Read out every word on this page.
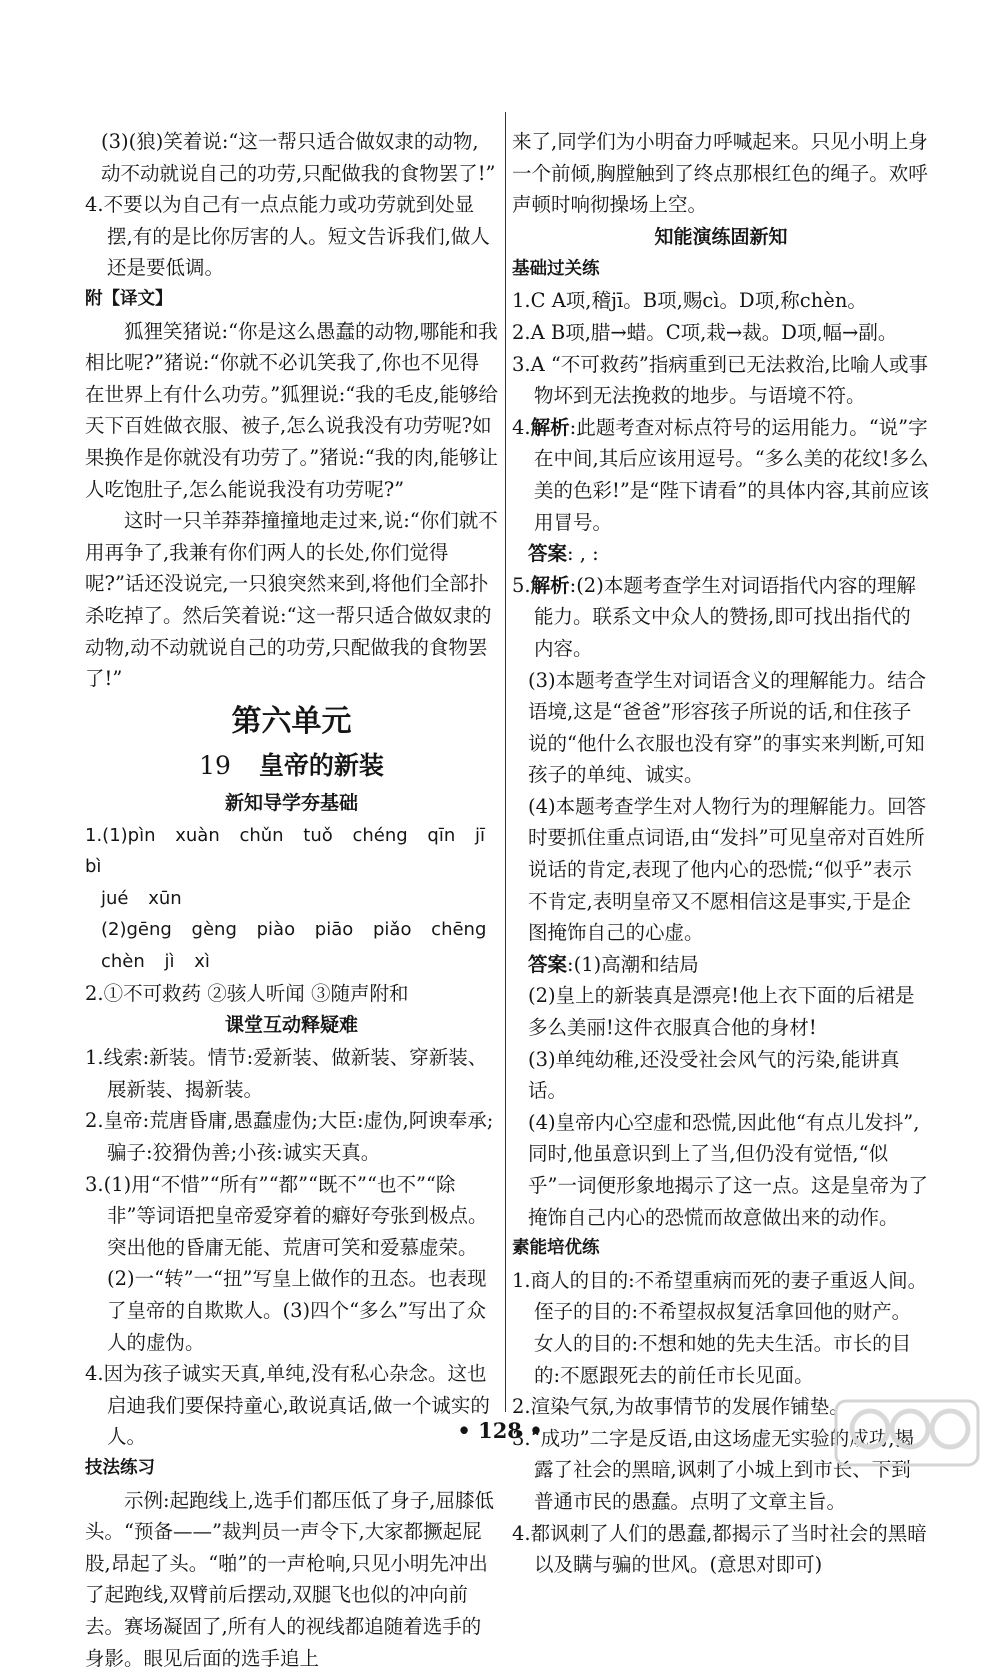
(3)(狼)笑着说:“这一帮只适合做奴隶的动物,动不动就说自己的功劳,只配做我的食物罢了!”

4.不要以为自己有一点点能力或功劳就到处显摆,有的是比你厉害的人。短文告诉我们,做人还是要低调。

附【译文】

狐狸笑猪说:“你是这么愚蠢的动物,哪能和我相比呢?”猪说:“你就不必讥笑我了,你也不见得在世界上有什么功劳。”狐狸说:“我的毛皮,能够给天下百姓做衣服、被子,怎么说我没有功劳呢?如果换作是你就没有功劳了。”猪说:“我的肉,能够让人吃饱肚子,怎么能说我没有功劳呢?”

这时一只羊莽莽撞撞地走过来,说:“你们就不用再争了,我兼有你们两人的长处,你们觉得呢?”话还没说完,一只狼突然来到,将他们全部扑杀吃掉了。然后笑着说:“这一帮只适合做奴隶的动物,动不动就说自己的功劳,只配做我的食物罢了!”

第六单元

19 皇帝的新装

新知导学夯基础

1.(1)pìn xuàn chǔn tuǒ chéng qīn jī bì

jué xūn

(2)gēng gèng piào piāo piǎo chēng

chèn jì xì

2.①不可救药 ②骇人听闻 ③随声附和

课堂互动释疑难

1.线索:新装。情节:爱新装、做新装、穿新装、展新装、揭新装。

2.皇帝:荒唐昏庸,愚蠢虚伪;大臣:虚伪,阿谀奉承;骗子:狡猾伪善;小孩:诚实天真。

3.(1)用“不惜”“所有”“都”“既不”“也不”“除非”等词语把皇帝爱穿着的癖好夸张到极点。突出他的昏庸无能、荒唐可笑和爱慕虚荣。(2)一“转”一“扭”写皇上做作的丑态。也表现了皇帝的自欺欺人。(3)四个“多么”写出了众人的虚伪。

4.因为孩子诚实天真,单纯,没有私心杂念。这也启迪我们要保持童心,敢说真话,做一个诚实的人。

技法练习

示例:起跑线上,选手们都压低了身子,屈膝低头。“预备——”裁判员一声令下,大家都撅起屁股,昂起了头。“啪”的一声枪响,只见小明先冲出了起跑线,双臂前后摆动,双腿飞也似的冲向前去。赛场凝固了,所有人的视线都追随着选手的身影。眼见后面的选手追上

来了,同学们为小明奋力呼喊起来。只见小明上身一个前倾,胸膛触到了终点那根红色的绳子。欢呼声顿时响彻操场上空。

知能演练固新知

基础过关练

1.C A项,稽jī。B项,赐cì。D项,称chèn。

2.A B项,腊→蜡。C项,栽→裁。D项,幅→副。

3.A “不可救药”指病重到已无法救治,比喻人或事物坏到无法挽救的地步。与语境不符。

4.解析:此题考查对标点符号的运用能力。“说”字在中间,其后应该用逗号。“多么美的花纹!多么美的色彩!”是“陛下请看”的具体内容,其前应该用冒号。

答案: , :

5.解析:(2)本题考查学生对词语指代内容的理解能力。联系文中众人的赞扬,即可找出指代的内容。

(3)本题考查学生对词语含义的理解能力。结合语境,这是“爸爸”形容孩子所说的话,和住孩子说的“他什么衣服也没有穿”的事实来判断,可知孩子的单纯、诚实。

(4)本题考查学生对人物行为的理解能力。回答时要抓住重点词语,由“发抖”可见皇帝对百姓所说话的肯定,表现了他内心的恐慌;“似乎”表示不肯定,表明皇帝又不愿相信这是事实,于是企图掩饰自己的心虚。

答案:(1)高潮和结局

(2)皇上的新装真是漂亮!他上衣下面的后裙是多么美丽!这件衣服真合他的身材!

(3)单纯幼稚,还没受社会风气的污染,能讲真话。

(4)皇帝内心空虚和恐慌,因此他“有点儿发抖”,同时,他虽意识到上了当,但仍没有觉悟,“似乎”一词便形象地揭示了这一点。这是皇帝为了掩饰自己内心的恐慌而故意做出来的动作。

素能培优练

1.商人的目的:不希望重病而死的妻子重返人间。侄子的目的:不希望叔叔复活拿回他的财产。女人的目的:不想和她的先夫生活。市长的目的:不愿跟死去的前任市长见面。

2.渲染气氛,为故事情节的发展作铺垫。

3.“成功”二字是反语,由这场虚无实验的成功,揭露了社会的黑暗,讽刺了小城上到市长、下到普通市民的愚蠢。点明了文章主旨。

4.都讽刺了人们的愚蠢,都揭示了当时社会的黑暗以及瞒与骗的世风。(意思对即可)

• 128 •
